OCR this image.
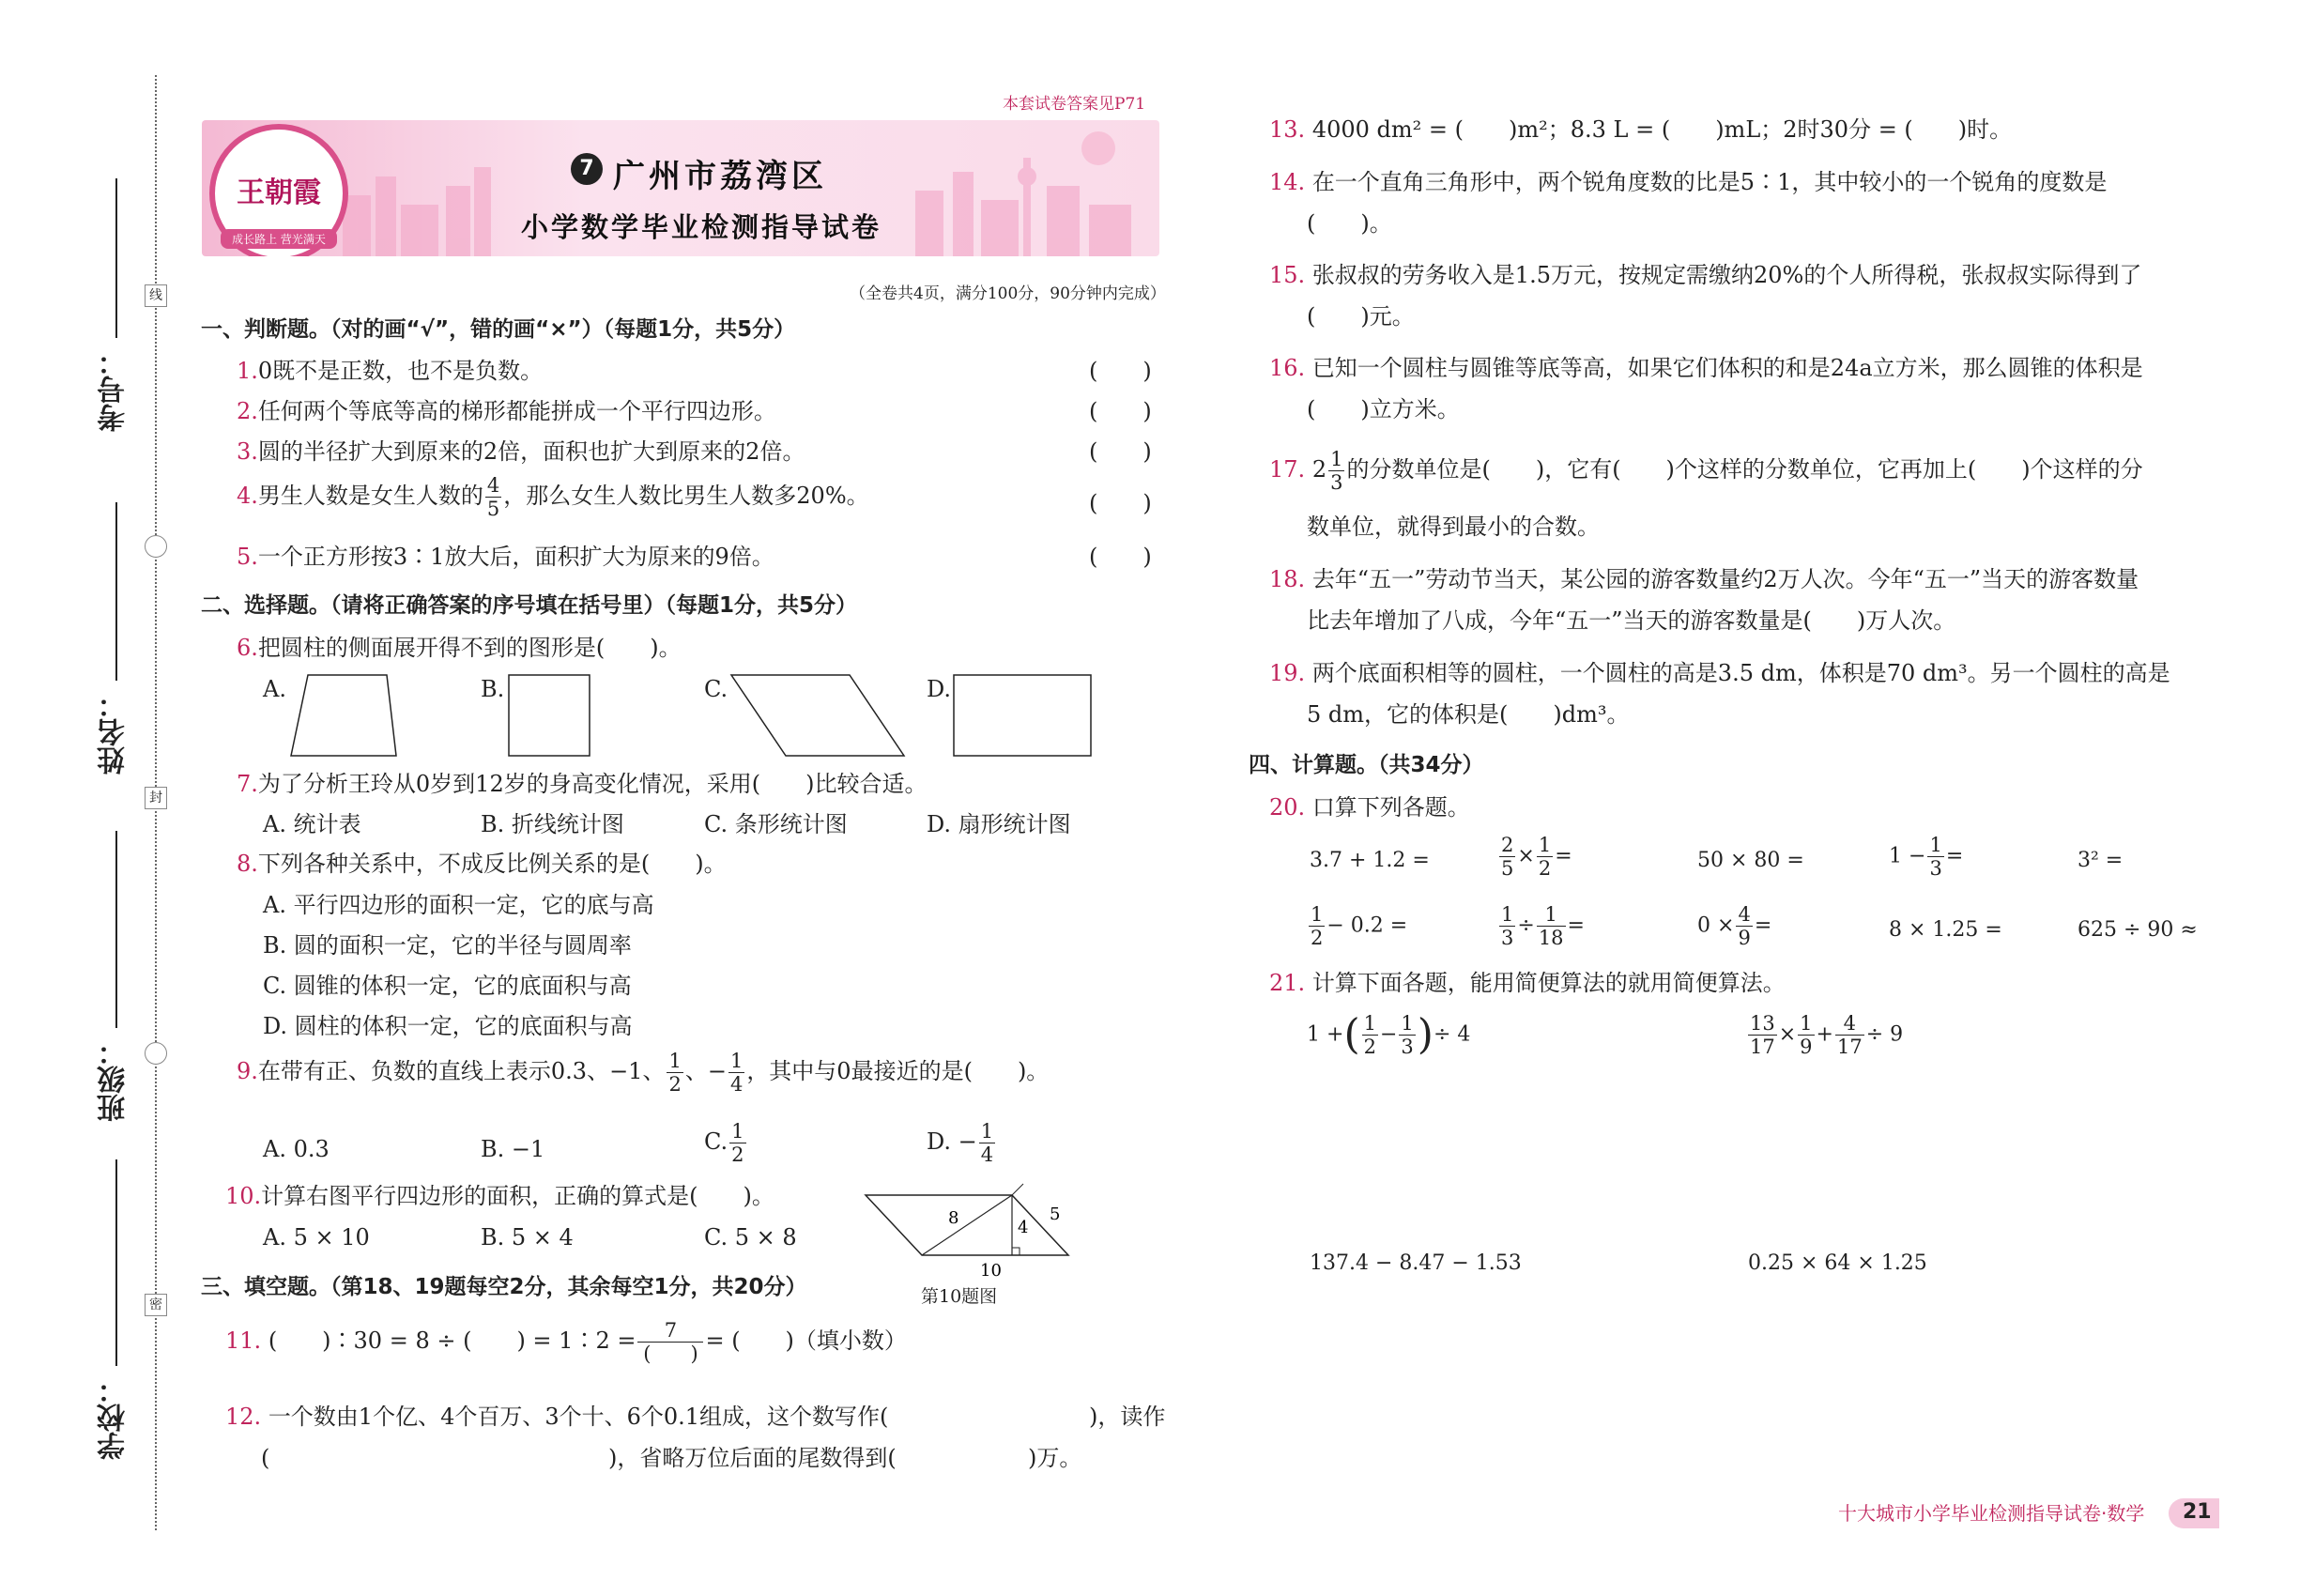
线
封
密
考号：
姓名：
班级：
学校：
本套试卷答案见P71
王朝霞
成长路上 营光满天
7 广州市荔湾区
小学数学毕业检测指导试卷
（全卷共4页，满分100分，90分钟内完成）
一、判断题。（对的画“√”，错的画“×”）（每题1分，共5分）
1.0既不是正数，也不是负数。	(　　)
2.任何两个等底等高的梯形都能拼成一个平行四边形。	(　　)
3.圆的半径扩大到原来的2倍，面积也扩大到原来的2倍。	(　　)
4.男生人数是女生人数的 $\frac{4}{5}$ ，那么女生人数比男生人数多20%。	(　　)
5.一个正方形按3∶1放大后，面积扩大为原来的9倍。	(　　)
二、选择题。（请将正确答案的序号填在括号里）（每题1分，共5分）
6.把圆柱的侧面展开得不到的图形是(　　)。
A.	B.	C.	D.
7.为了分析王玲从0岁到12岁的身高变化情况，采用(　　)比较合适。
A. 统计表	B. 折线统计图	C. 条形统计图	D. 扇形统计图
8.下列各种关系中，不成反比例关系的是(　　)。
A. 平行四边形的面积一定，它的底与高
B. 圆的面积一定，它的半径与圆周率
C. 圆锥的体积一定，它的底面积与高
D. 圆柱的体积一定，它的底面积与高
9.在带有正、负数的直线上表示0.3、−1、 $\frac{1}{2}$ 、− $\frac{1}{4}$ ，其中与0最接近的是(　　)。
A. 0.3	B. −1	C. $\frac{1}{2}$	D. − $\frac{1}{4}$
10.计算右图平行四边形的面积，正确的算式是(　　)。
A. 5 × 10	B. 5 × 4	C. 5 × 8
8	4
5
10
第10题图
三、填空题。（第18、19题每空2分，其余每空1分，共20分）
11. (　　)∶30 = 8 ÷ (　　) = 1∶2 = $\frac{7}{( )}$ = (　　)（填小数）
12. 一个数由1个亿、4个百万、3个十、6个0.1组成，这个数写作(	)，读作
(	)，省略万位后面的尾数得到(	)万。
13. 4000 dm² = (　　)m²；8.3 L = (　　)mL；2时30分 = (　　)时。
14. 在一个直角三角形中，两个锐角度数的比是5∶1，其中较小的一个锐角的度数是
(　　)。
15. 张叔叔的劳务收入是1.5万元，按规定需缴纳20%的个人所得税，张叔叔实际得到了
(　　)元。
16. 已知一个圆柱与圆锥等底等高，如果它们体积的和是24a立方米，那么圆锥的体积是
(　　)立方米。
17. $2 \frac{1}{3}$ 的分数单位是(　　)，它有(　　)个这样的分数单位，它再加上(　　)个这样的分
数单位，就得到最小的合数。
18. 去年“五一”劳动节当天，某公园的游客数量约2万人次。今年“五一”当天的游客数量
比去年增加了八成，今年“五一”当天的游客数量是(　　)万人次。
19. 两个底面积相等的圆柱，一个圆柱的高是3.5 dm，体积是70 dm³。另一个圆柱的高是
5 dm，它的体积是(　　)dm³。
四、计算题。（共34分）
20. 口算下列各题。
3.7 + 1.2 =	$\frac{2}{5} \times \frac{1}{2}$ =	50 × 80 =	$1 - \frac{1}{3}$ =	3² =
$\frac{1}{2} - 0.2$ =	$\frac{1}{3} \div \frac{1}{18}$ =	$0 \times \frac{4}{9}$ =	8 × 1.25 =	625 ÷ 90 ≈
21. 计算下面各题，能用简便算法的就用简便算法。
1 +( $\frac{1}{2} - \frac{1}{3}$ )÷ 4	$\frac{13}{17} \times \frac{1}{9} + \frac{4}{17} \div 9$
137.4 − 8.47 − 1.53	0.25 × 64 × 1.25
十大城市小学毕业检测指导试卷·数学 21
